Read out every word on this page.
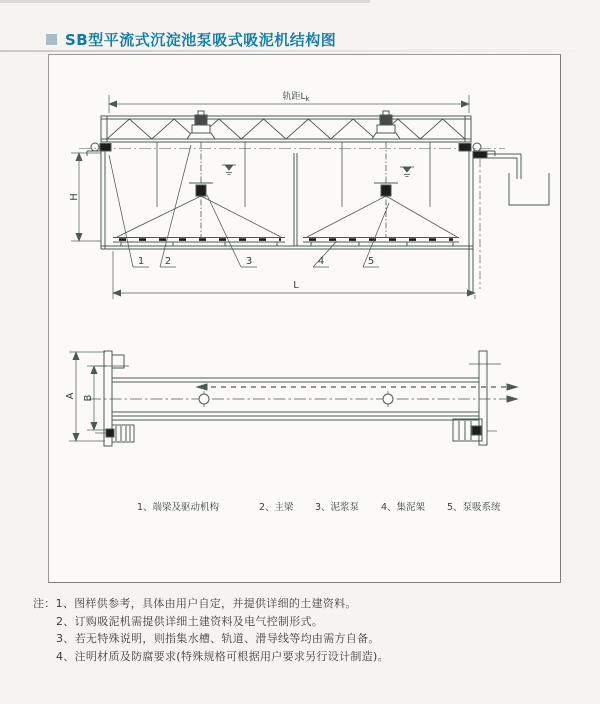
SB型平流式沉淀池泵吸式吸泥机结构图
轨距$L_k$
H
1 2	3	4	5
L
A B
1、端梁及驱动机构	2、主梁 3、泥浆泵 4、集泥架 5、泵吸系统
注：1、图样供参考，具体由用户自定，并提供详细的土建资料。
2、订购吸泥机需提供详细土建资料及电气控制形式。
3、若无特殊说明，则指集水槽、轨道、滑导线等均由需方自备。
4、注明材质及防腐要求(特殊规格可根据用户要求另行设计制造)。
